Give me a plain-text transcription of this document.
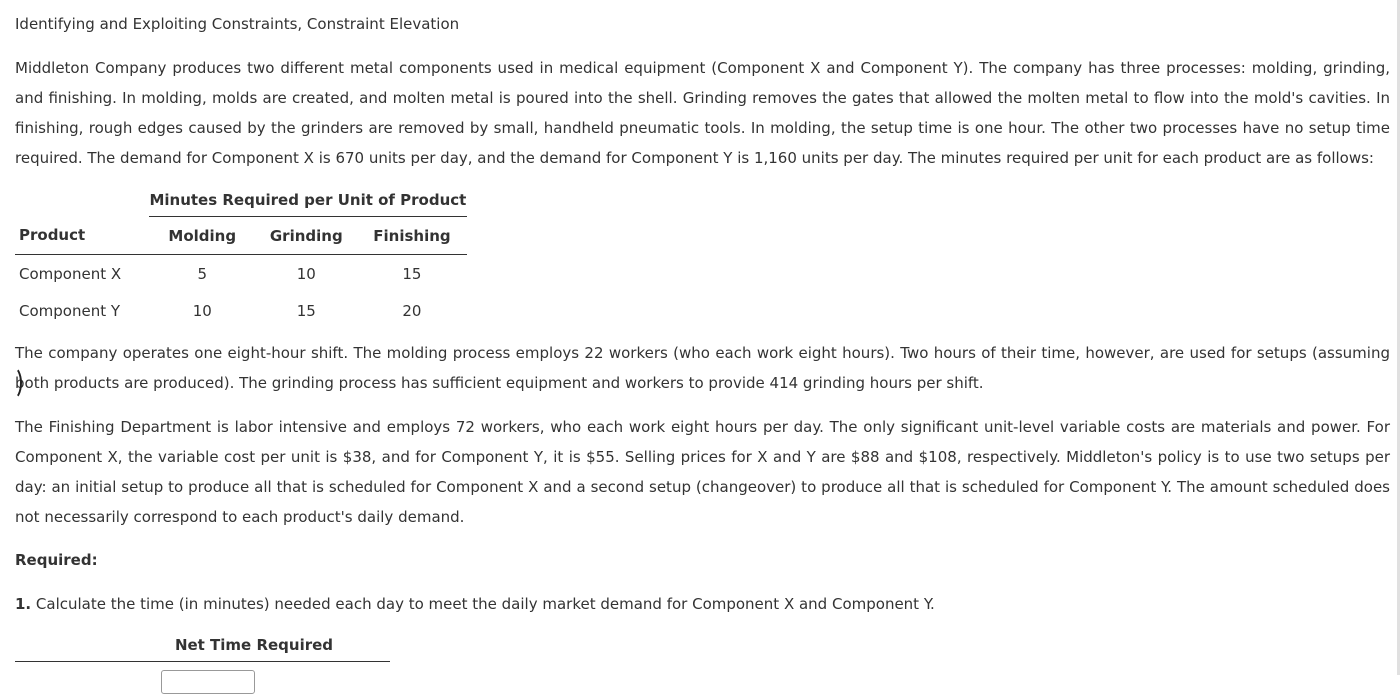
Identifying and Exploiting Constraints, Constraint Elevation
Middleton Company produces two different metal components used in medical equipment (Component X and Component Y). The company has three processes: molding, grinding, and finishing. In molding, molds are created, and molten metal is poured into the shell. Grinding removes the gates that allowed the molten metal to flow into the mold's cavities. In finishing, rough edges caused by the grinders are removed by small, handheld pneumatic tools. In molding, the setup time is one hour. The other two processes have no setup time required. The demand for Component X is 670 units per day, and the demand for Component Y is 1,160 units per day. The minutes required per unit for each product are as follows:
	Minutes Required per Unit of Product		
Product	Molding	Grinding	Finishing
Component X	5	10	15
Component Y	10	15	20
The company operates one eight-hour shift. The molding process employs 22 workers (who each work eight hours). Two hours of their time, however, are used for setups (assuming both products are produced). The grinding process has sufficient equipment and workers to provide 414 grinding hours per shift.
The Finishing Department is labor intensive and employs 72 workers, who each work eight hours per day. The only significant unit-level variable costs are materials and power. For Component X, the variable cost per unit is $38, and for Component Y, it is $55. Selling prices for X and Y are $88 and $108, respectively. Middleton's policy is to use two setups per day: an initial setup to produce all that is scheduled for Component X and a second setup (changeover) to produce all that is scheduled for Component Y. The amount scheduled does not necessarily correspond to each product's daily demand.
Required:
1. Calculate the time (in minutes) needed each day to meet the daily market demand for Component X and Component Y.
Net Time Required
